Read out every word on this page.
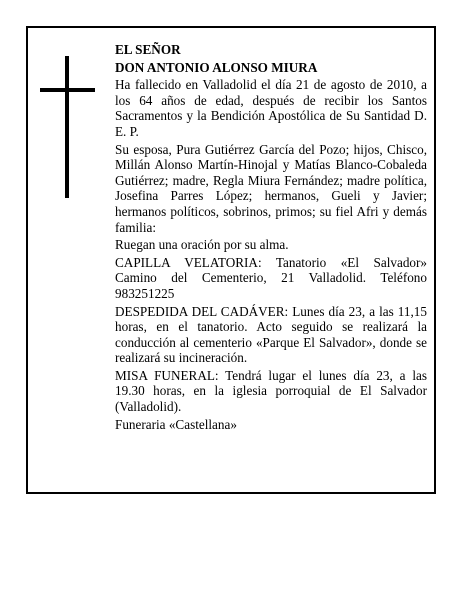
EL SEÑOR

DON ANTONIO ALONSO MIURA

Ha fallecido en Valladolid el día 21 de agosto de 2010, a los 64 años de edad, después de recibir los Santos Sacramentos y la Bendición Apostólica de Su Santidad D. E. P.

Su esposa, Pura Gutiérrez García del Pozo; hijos, Chisco, Millán Alonso Martín-Hinojal y Matías Blanco-Cobaleda Gutiérrez; madre, Regla Miura Fernández; madre política, Josefina Parres López; hermanos, Gueli y Javier; hermanos políticos, sobrinos, primos; su fiel Afri y demás familia:

Ruegan una oración por su alma.

CAPILLA VELATORIA: Tanatorio «El Salvador» Camino del Cementerio, 21 Valladolid. Teléfono 983251225

DESPEDIDA DEL CADÁVER: Lunes día 23, a las 11,15 horas, en el tanatorio. Acto seguido se realizará la conducción al cementerio «Parque El Salvador», donde se realizará su incineración.

MISA FUNERAL: Tendrá lugar el lunes día 23, a las 19.30 horas, en la iglesia porroquial de El Salvador (Valladolid).

Funeraria «Castellana»
